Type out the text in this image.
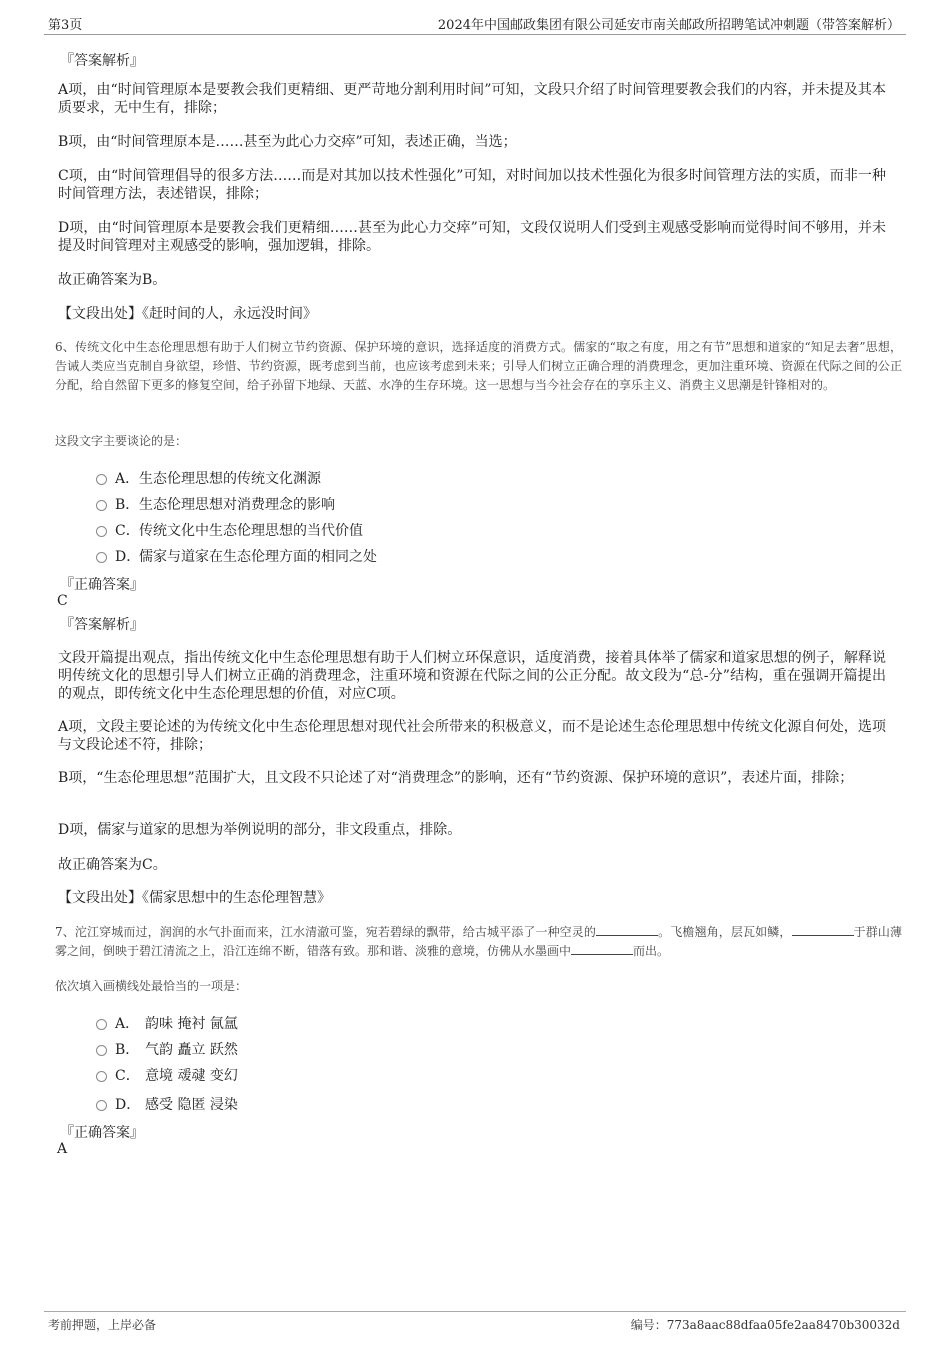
第3页	2024年中国邮政集团有限公司延安市南关邮政所招聘笔试冲刺题（带答案解析）
『答案解析』

A项，由“时间管理原本是要教会我们更精细、更严苛地分割利用时间”可知，文段只介绍了时间管理要教会我们的内容，并未提及其本质要求，无中生有，排除；

B项，由“时间管理原本是……甚至为此心力交瘁”可知，表述正确，当选；

C项，由“时间管理倡导的很多方法……而是对其加以技术性强化”可知，对时间加以技术性强化为很多时间管理方法的实质，而非一种时间管理方法，表述错误，排除；

D项，由“时间管理原本是要教会我们更精细……甚至为此心力交瘁”可知，文段仅说明人们受到主观感受影响而觉得时间不够用，并未提及时间管理对主观感受的影响，强加逻辑，排除。

故正确答案为B。

【文段出处】《赶时间的人，永远没时间》

6、传统文化中生态伦理思想有助于人们树立节约资源、保护环境的意识，选择适度的消费方式。儒家的“取之有度，用之有节”思想和道家的“知足去奢”思想，告诫人类应当克制自身欲望，珍惜、节约资源，既考虑到当前，也应该考虑到未来；引导人们树立正确合理的消费理念，更加注重环境、资源在代际之间的公正分配，给自然留下更多的修复空间，给子孙留下地绿、天蓝、水净的生存环境。这一思想与当今社会存在的享乐主义、消费主义思潮是针锋相对的。

这段文字主要谈论的是：
A． 生态伦理思想的传统文化渊源
B． 生态伦理思想对消费理念的影响
C． 传统文化中生态伦理思想的当代价值
D．
儒家与道家在生态伦理方面的相同之处
『正确答案』
C
『答案解析』

文段开篇提出观点，指出传统文化中生态伦理思想有助于人们树立环保意识，适度消费，接着具体举了儒家和道家思想的例子，解释说明传统文化的思想引导人们树立正确的消费理念，注重环境和资源在代际之间的公正分配。故文段为“总-分”结构，重在强调开篇提出的观点，即传统文化中生态伦理思想的价值，对应C项。

A项，文段主要论述的为传统文化中生态伦理思想对现代社会所带来的积极意义，而不是论述生态伦理思想中传统文化源自何处，选项与文段论述不符，排除；

B项，“生态伦理思想”范围扩大，且文段不只论述了对“消费理念”的影响，还有“节约资源、保护环境的意识”，表述片面，排除；

D项，儒家与道家的思想为举例说明的部分，非文段重点，排除。

故正确答案为C。

【文段出处】《儒家思想中的生态伦理智慧》

7、沱江穿城而过，润润的水气扑面而来，江水清澈可鉴，宛若碧绿的飘带，给古城平添了一种空灵的	。飞檐翘角，层瓦如鳞，	于群山薄雾之间，倒映于碧江清流之上，沿江连绵不断，错落有致。那和谐、淡雅的意境，仿佛从水墨画中	而出。

依次填入画横线处最恰当的一项是：
A． 韵味 掩衬 氤氲
B． 气韵 矗立 跃然
C． 意境 叆叇 变幻
D． 感受 隐匿 浸染
『正确答案』
A
考前押题，上岸必备	编号：773a8aac88dfaa05fe2aa8470b30032d
